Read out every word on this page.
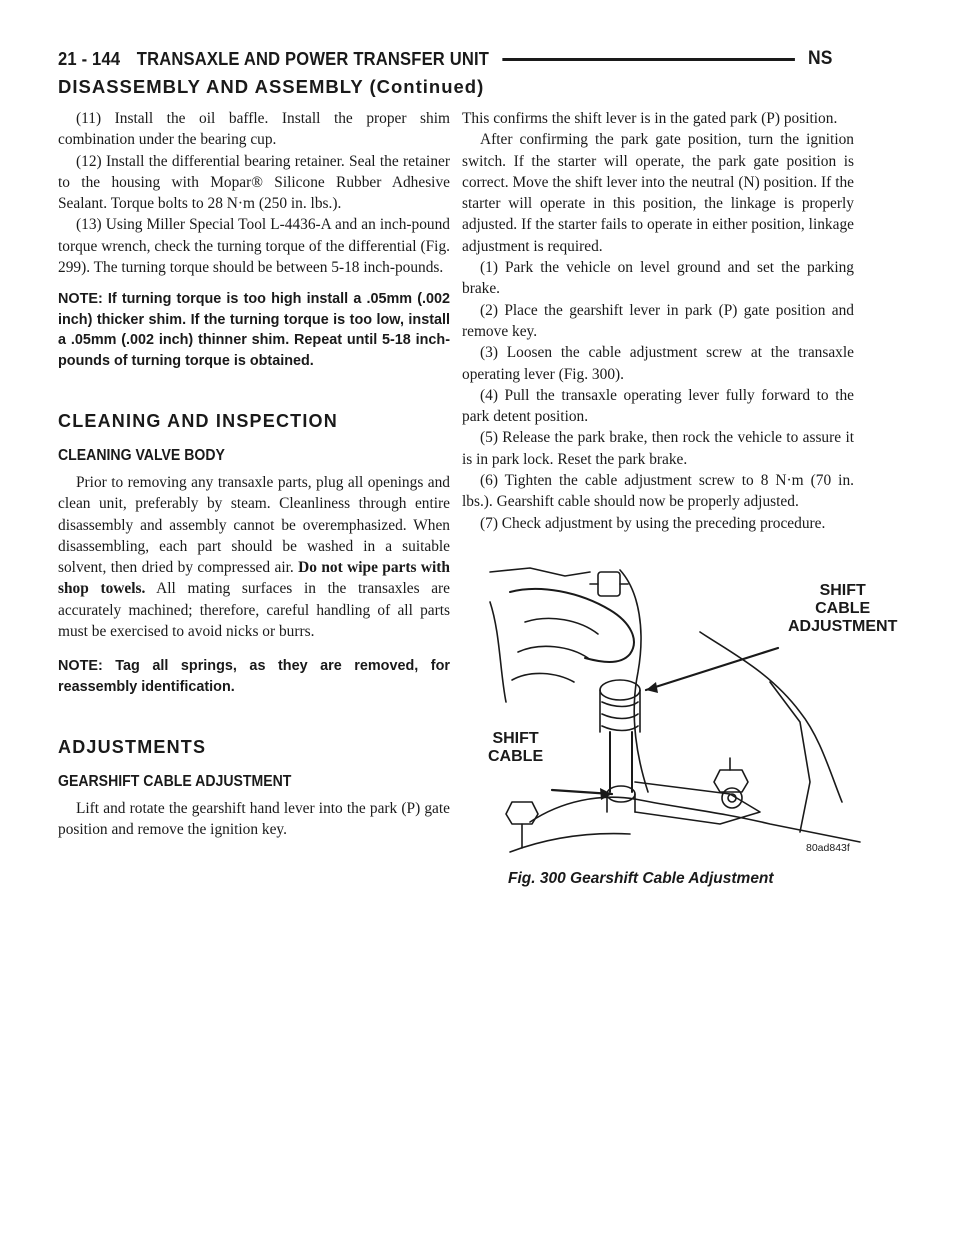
21 - 144 TRANSAXLE AND POWER TRANSFER UNIT	NS
DISASSEMBLY AND ASSEMBLY (Continued)

(11) Install the oil baffle. Install the proper shim combination under the bearing cup.

(12) Install the differential bearing retainer. Seal the retainer to the housing with Mopar® Silicone Rubber Adhesive Sealant. Torque bolts to 28 N·m (250 in. lbs.).

(13) Using Miller Special Tool L-4436-A and an inch-pound torque wrench, check the turning torque of the differential (Fig. 299). The turning torque should be between 5-18 inch-pounds.

NOTE: If turning torque is too high install a .05mm (.002 inch) thicker shim. If the turning torque is too low, install a .05mm (.002 inch) thinner shim. Repeat until 5-18 inch-pounds of turning torque is obtained.

CLEANING AND INSPECTION
CLEANING VALVE BODY

Prior to removing any transaxle parts, plug all openings and clean unit, preferably by steam. Cleanliness through entire disassembly and assembly cannot be overemphasized. When disassembling, each part should be washed in a suitable solvent, then dried by compressed air. Do not wipe parts with shop towels. All mating surfaces in the transaxles are accurately machined; therefore, careful handling of all parts must be exercised to avoid nicks or burrs.

NOTE: Tag all springs, as they are removed, for reassembly identification.

ADJUSTMENTS
GEARSHIFT CABLE ADJUSTMENT

Lift and rotate the gearshift hand lever into the park (P) gate position and remove the ignition key.

This confirms the shift lever is in the gated park (P) position.

After confirming the park gate position, turn the ignition switch. If the starter will operate, the park gate position is correct. Move the shift lever into the neutral (N) position. If the starter will operate in this position, the linkage is properly adjusted. If the starter fails to operate in either position, linkage adjustment is required.

(1) Park the vehicle on level ground and set the parking brake.

(2) Place the gearshift lever in park (P) gate position and remove key.

(3) Loosen the cable adjustment screw at the transaxle operating lever (Fig. 300).

(4) Pull the transaxle operating lever fully forward to the park detent position.

(5) Release the park brake, then rock the vehicle to assure it is in park lock. Reset the park brake.

(6) Tighten the cable adjustment screw to 8 N·m (70 in. lbs.). Gearshift cable should now be properly adjusted.

(7) Check adjustment by using the preceding procedure.

SHIFT
CABLE
ADJUSTMENT
SHIFT
CABLE
80ad843f
Fig. 300 Gearshift Cable Adjustment
